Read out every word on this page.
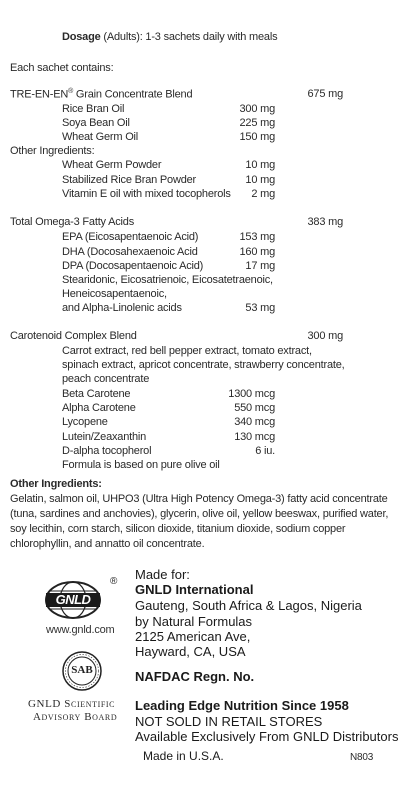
Dosage (Adults): 1-3 sachets daily with meals
Each sachet contains:
TRE-EN-EN® Grain Concentrate Blend	675 mg
Rice Bran Oil	300 mg
Soya Bean Oil	225 mg
Wheat Germ Oil	150 mg
Other Ingredients:
Wheat Germ Powder	10 mg
Stabilized Rice Bran Powder	10 mg
Vitamin E oil with mixed tocopherols 2 mg
Total Omega-3 Fatty Acids	383 mg
EPA (Eicosapentaenoic Acid)	153 mg
DHA (Docosahexaenoic Acid	160 mg
DPA (Docosapentaenoic Acid)	17 mg
Stearidonic, Eicosatrienoic, Eicosatetraenoic,
Heneicosapentaenoic,
and Alpha-Linolenic acids	53 mg
Carotenoid Complex Blend	300 mg
Carrot extract, red bell pepper extract, tomato extract,
spinach extract, apricot concentrate, strawberry concentrate,
peach concentrate
Beta Carotene	1300 mcg
Alpha Carotene	550 mcg
Lycopene	340 mcg
Lutein/Zeaxanthin	130 mcg
D-alpha tocopherol	6 iu.
Formula is based on pure olive oil
Other Ingredients:
Gelatin, salmon oil, UHPO3 (Ultra High Potency Omega-3) fatty acid concentrate (tuna, sardines and anchovies), glycerin, olive oil, yellow beeswax, purified water, soy lecithin, corn starch, silicon dioxide, titanium dioxide, sodium copper chlorophyllin, and annatto oil concentrate.
GNLD
®
www.gnld.com
SAB
GNLD Scientific
Advisory Board
Made for:
GNLD International
Gauteng, South Africa & Lagos, Nigeria
by Natural Formulas
2125 American Ave,
Hayward, CA, USA
NAFDAC Regn. No.
Leading Edge Nutrition Since 1958
NOT SOLD IN RETAIL STORES
Available Exclusively From GNLD Distributors
Made in U.S.A.	N803
